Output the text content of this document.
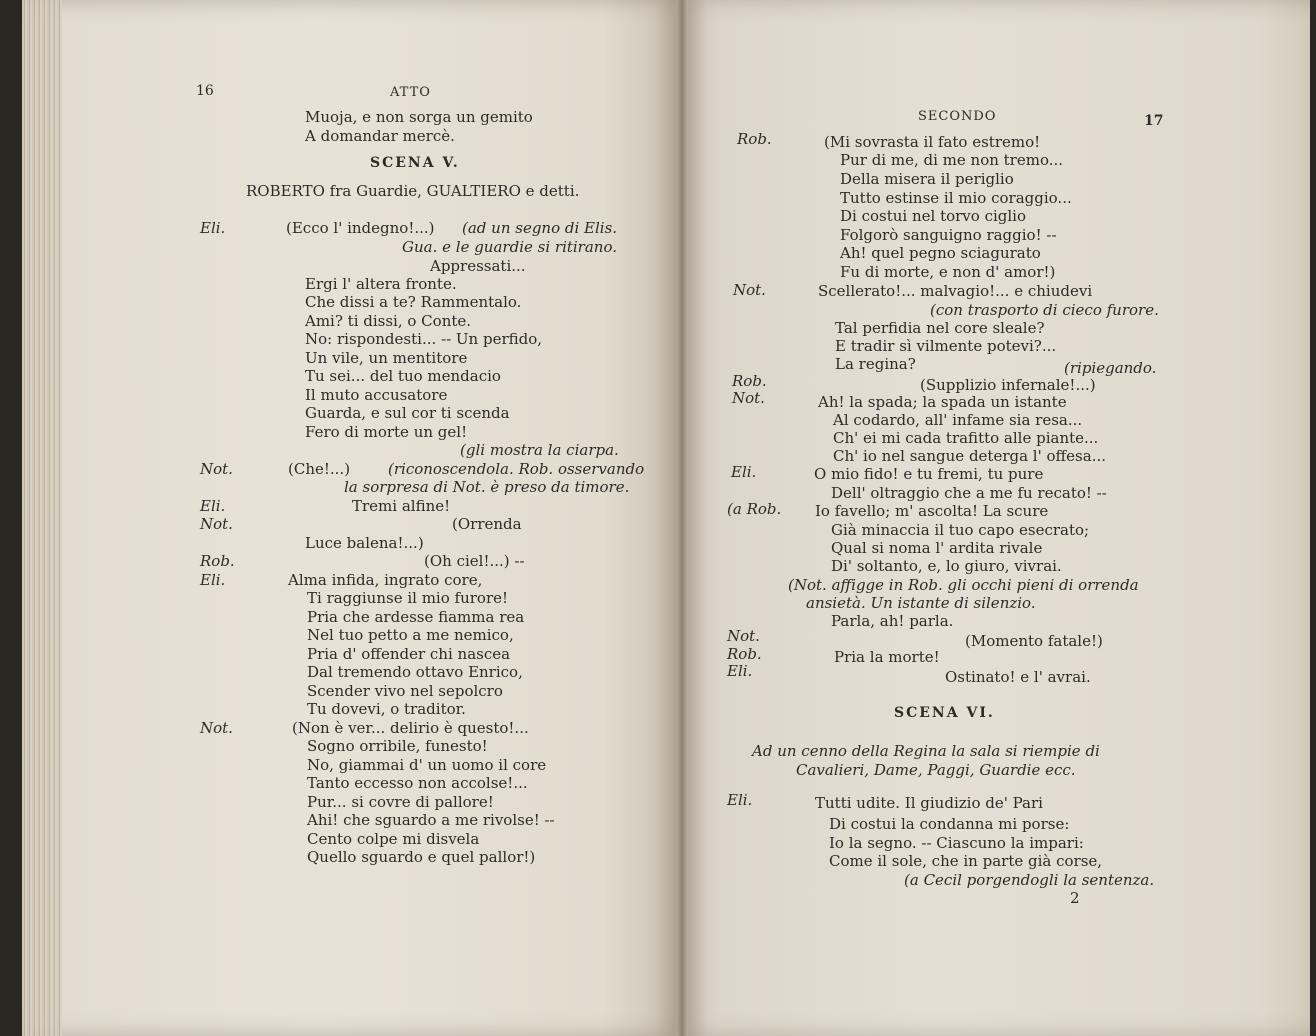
16	ATTO
Muoja, e non sorga un gemito
A domandar mercè.
SCENA V.
ROBERTO fra Guardie, GUALTIERO e detti.
Eli.	(Ecco l' indegno!...) (ad un segno di Elis.
Gua. e le guardie si ritirano.
Appressati...
Ergi l' altera fronte.
Che dissi a te? Rammentalo.
Ami? ti dissi, o Conte.
No: rispondesti... -- Un perfido,
Un vile, un mentitore
Tu sei... del tuo mendacio
Il muto accusatore
Guarda, e sul cor ti scenda
Fero di morte un gel!
(gli mostra la ciarpa.
Not.	(Che!...)	(riconoscendola. Rob. osservando
la sorpresa di Not. è preso da timore.
Eli.	Tremi alfine!
Not.	(Orrenda
Luce balena!...)
Rob.	(Oh ciel!...) --
Eli.	Alma infida, ingrato core,
Ti raggiunse il mio furore!
Pria che ardesse fiamma rea
Nel tuo petto a me nemico,
Pria d' offender chi nascea
Dal tremendo ottavo Enrico,
Scender vivo nel sepolcro
Tu dovevi, o traditor.
Not.	(Non è ver... delirio è questo!...
Sogno orribile, funesto!
No, giammai d' un uomo il core
Tanto eccesso non accolse!...
Pur... si covre di pallore!
Ahi! che sguardo a me rivolse! --
Cento colpe mi disvela
Quello sguardo e quel pallor!)
SECONDO	17
Rob.	(Mi sovrasta il fato estremo!
Pur di me, di me non tremo...
Della misera il periglio
Tutto estinse il mio coraggio...
Di costui nel torvo ciglio
Folgorò sanguigno raggio! --
Ah! quel pegno sciagurato
Fu di morte, e non d' amor!)
Not.	Scellerato!... malvagio!... e chiudevi
(con trasporto di cieco furore.
Tal perfidia nel core sleale?
E tradir sì vilmente potevi?...
La regina?	(ripiegando.
Rob.	(Supplizio infernale!...)
Not.	Ah! la spada; la spada un istante
Al codardo, all' infame sia resa...
Ch' ei mi cada trafitto alle piante...
Ch' io nel sangue deterga l' offesa...
Eli.	O mio fido! e tu fremi, tu pure
Dell' oltraggio che a me fu recato! --
(a Rob. Io favello; m' ascolta! La scure
Già minaccia il tuo capo esecrato;
Qual si noma l' ardita rivale
Di' soltanto, e, lo giuro, vivrai.
(Not. affigge in Rob. gli occhi pieni di orrenda
ansietà. Un istante di silenzio.
Parla, ah! parla.
Not.	(Momento fatale!)
Rob.	Pria la morte!
Eli.	Ostinato! e l' avrai.
SCENA VI.
Ad un cenno della Regina la sala si riempie di
Cavalieri, Dame, Paggi, Guardie ecc.
Eli.	Tutti udite. Il giudizio de' Pari
Di costui la condanna mi porse:
Io la segno. -- Ciascuno la impari:
Come il sole, che in parte già corse,
(a Cecil porgendogli la sentenza.
2
